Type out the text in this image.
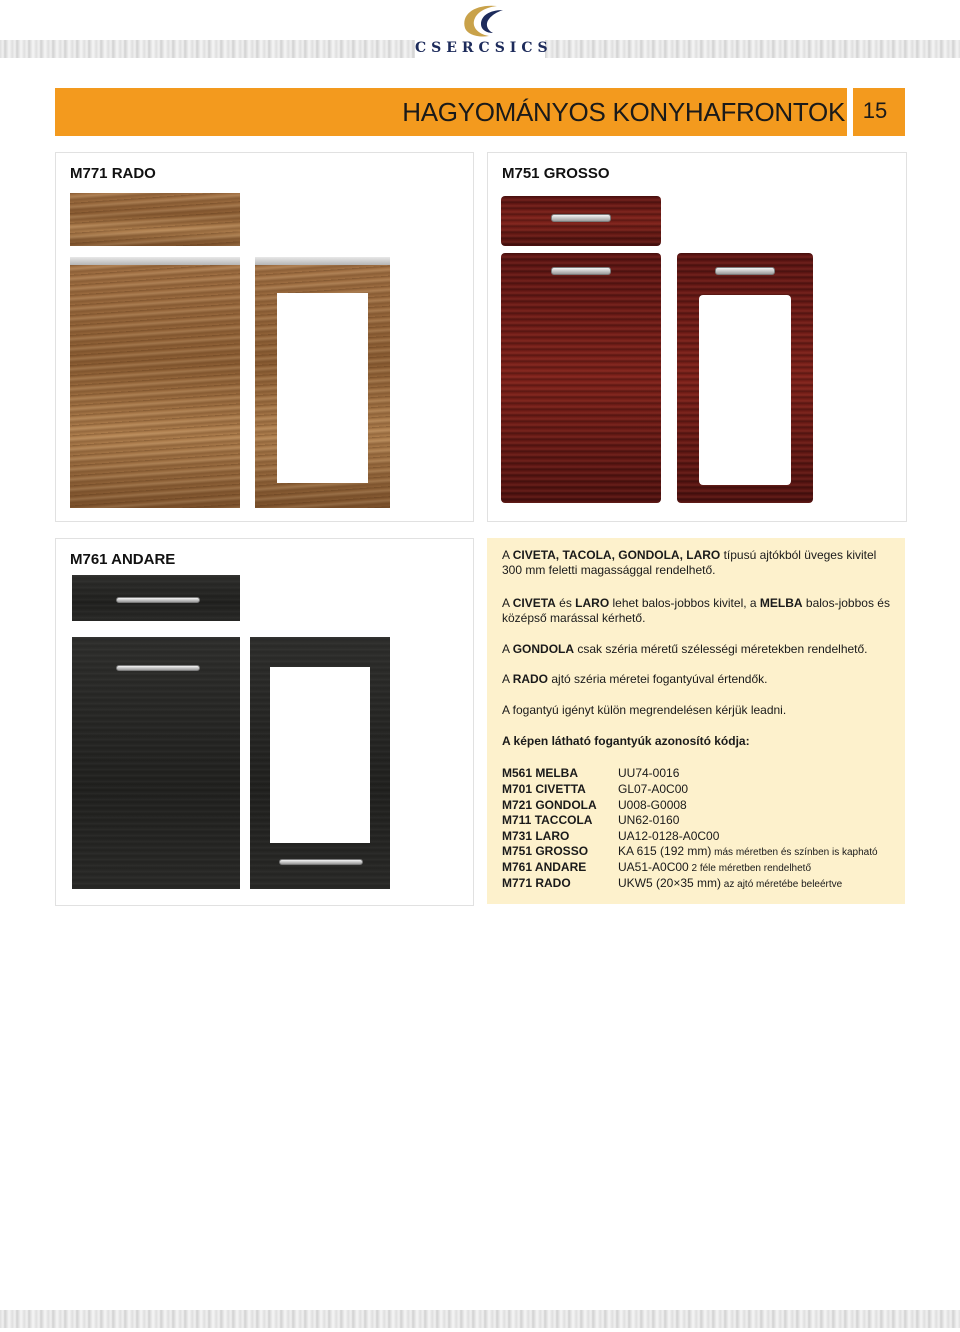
CSERCSICS
HAGYOMÁNYOS KONYHAFRONTOK 15
M771 RADO	M751 GROSSO
M761 ANDARE	A CIVETA, TACOLA, GONDOLA, LARO típusú ajtókból üveges kivitel 300 mm feletti magassággal rendelhető.

A CIVETA és LARO lehet balos-jobbos kivitel, a MELBA balos-jobbos és középső marással kérhető.

A GONDOLA csak széria méretű szélességi méretekben rendelhető.

A RADO ajtó széria méretei fogantyúval értendők.

A fogantyú igényt külön megrendelésen kérjük leadni.

A képen látható fogantyúk azonosító kódja:

M561 MELBA	UU74-0016
M701 CIVETTA	GL07-A0C00
M721 GONDOLA U008-G0008
M711 TACCOLA UN62-0160
M731 LARO	UA12-0128-A0C00
M751 GROSSO KA 615 (192 mm) más méretben és színben is kapható
M761 ANDARE	UA51-A0C00 2 féle méretben rendelhető
M771 RADO	UKW5 (20×35 mm) az ajtó méretébe beleértve
